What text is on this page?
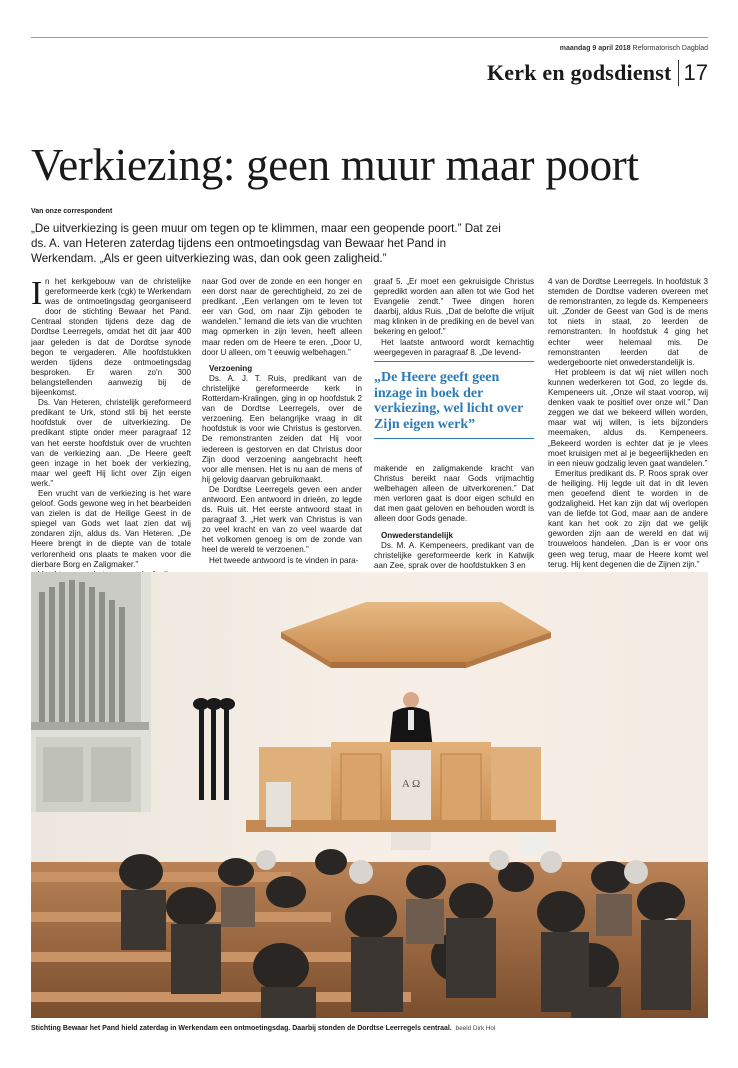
maandag 9 april 2018 Reformatorisch Dagblad
Kerk en godsdienst 17
Verkiezing: geen muur maar poort
Van onze correspondent

„De uitverkiezing is geen muur om tegen op te klimmen, maar een geopende poort.” Dat zei ds. A. van Heteren zaterdag tijdens een ontmoetingsdag van Bewaar het Pand in Werkendam. „Als er geen uitverkiezing was, dan ook geen zaligheid.”

In het kerkgebouw van de christelijke gereformeerde kerk (cgk) te Werkendam was de ontmoetingsdag georganiseerd door de stichting Bewaar het Pand. Centraal stonden tijdens deze dag de Dordtse Leerregels, omdat het dit jaar 400 jaar geleden is dat de Dordtse synode begon te vergaderen. Alle hoofdstukken werden tijdens deze ontmoetingsdag besproken. Er waren zo'n 300 belangstellenden aanwezig bij de bijeenkomst.

Ds. Van Heteren, christelijk gereformeerd predikant te Urk, stond stil bij het eerste hoofdstuk over de uitverkiezing. De predikant stipte onder meer paragraaf 12 van het eerste hoofdstuk over de vruchten van de verkiezing aan. „De Heere geeft geen inzage in het boek der verkiezing, maar wel geeft Hij licht over Zijn eigen werk.”

Een vrucht van de verkiezing is het ware geloof. Gods gewone weg in het bearbeiden van zielen is dat de Heilige Geest in de spiegel van Gods wet laat zien dat wij zondaren zijn, aldus ds. Van Heteren. „De Heere brengt in de diepte van de totale verlorenheid ons plaats te maken voor die dierbare Borg en Zaligmaker.”

naar God over de zonde en een honger en een dorst naar de gerechtigheid, zo zei de predikant. „Een verlangen om te leven tot eer van God, om naar Zijn geboden te wandelen.” Iemand die iets van die vruchten mag opmerken in zijn leven, heeft alleen maar reden om de Heere te eren. „Door U, door U alleen, om 't eeuwig welbehagen.”

Verzoening

Ds. A. J. T. Ruis, predikant van de christelijke gereformeerde kerk in Rotterdam-Kralingen, ging in op hoofdstuk 2 van de Dordtse Leerregels, over de verzoening. Een belangrijke vraag in dit hoofdstuk is voor wie Christus is gestorven. De remonstranten zeiden dat Hij voor iedereen is gestorven en dat Christus door Zijn dood verzoening aangebracht heeft voor alle mensen. Het is nu aan de mens of hij gelovig daarvan gebruikmaakt.

De Dordtse Leerregels geven een ander antwoord. Een antwoord in drieën, zo legde ds. Ruis uit. Het eerste antwoord staat in paragraaf 3. „Het werk van Christus is van zo veel kracht en van zo veel waarde dat het volkomen genoeg is om de zonde van heel de wereld te verzoenen.”

Het tweede antwoord is te vinden in para-

graaf 5. „Er moet een gekruisigde Christus gepredikt worden aan allen tot wie God het Evangelie zendt.” Twee dingen horen daarbij, aldus Ruis. „Dat de belofte die vrijuit mag klinken in de prediking en de bevel van bekering en geloof.”

Het laatste antwoord wordt kernachtig weergegeven in paragraaf 8. „De levend-

„De Heere geeft geen inzage in boek der verkiezing, wel licht over Zijn eigen werk”

makende en zaligmakende kracht van Christus bereikt naar Gods vrijmachtig welbehagen alleen de uitverkorenen.” Dat men verloren gaat is door eigen schuld en dat men gaat geloven en behouden wordt is alleen door Gods genade.

Onwederstandelijk

Ds. M. A. Kempeneers, predikant van de christelijke gereformeerde kerk in Katwijk aan Zee, sprak over de hoofdstukken 3 en

4 van de Dordtse Leerregels. In hoofdstuk 3 stemden de Dordtse vaderen overeen met de remonstranten, zo legde ds. Kempeneers uit. „Zonder de Geest van God is de mens tot niets in staat, zo leerden de remonstranten. In hoofdstuk 4 ging het echter weer helemaal mis. De remonstranten leerden dat de wedergeboorte niet onwederstandelijk is.

Het probleem is dat wij niet willen noch kunnen wederkeren tot God, zo legde ds. Kempeneers uit. „Onze wil staat voorop, wij denken vaak te positief over onze wil.” Dan zeggen we dat we bekeerd willen worden, maar wat wij willen, is iets bijzonders meemaken, aldus ds. Kempeneers. „Bekeerd worden is echter dat je je vlees moet kruisigen met al je begeerlijkheden en in een nieuw godzalig leven gaat wandelen.”

Emeritus predikant ds. P. Roos sprak over de heiliging. Hij legde uit dat in dit leven men geoefend dient te worden in de godzaligheid. Het kan zijn dat wij overlopen van de liefde tot God, maar aan de andere kant kan het ook zo zijn dat we gelijk geworden zijn aan de wereld en dat wij trouweloos handelen. „Dan is er voor ons geen weg terug, maar de Heere komt wel terug. Hij kent degenen die de Zijnen zijn.”

A Ω
Stichting Bewaar het Pand hield zaterdag in Werkendam een ontmoetingsdag. Daarbij stonden de Dordtse Leerregels centraal. beeld Dirk Hol
